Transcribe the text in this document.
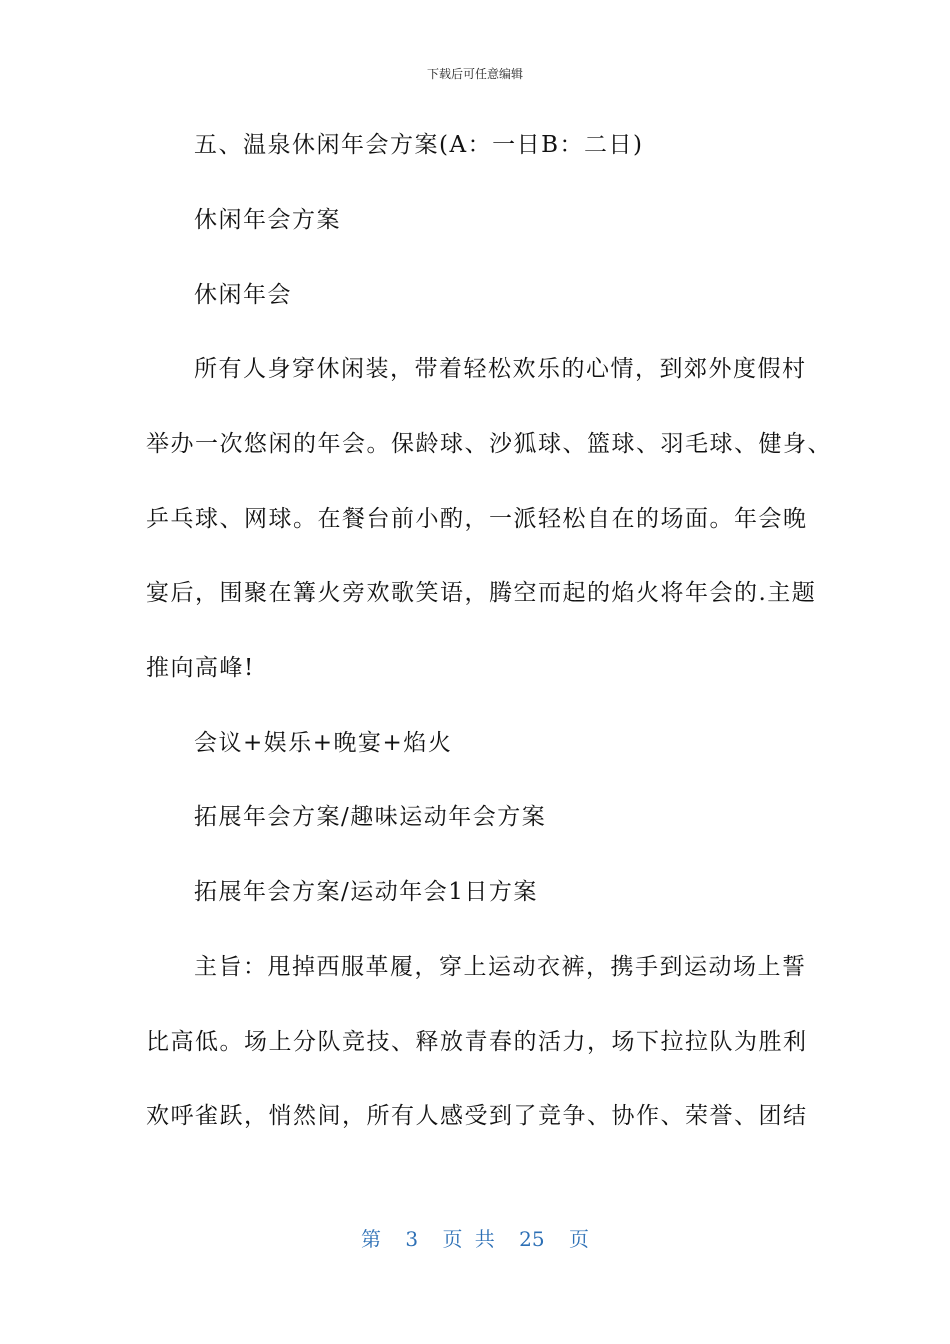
下载后可任意编辑
五、温泉休闲年会方案(A：一日B：二日)
休闲年会方案
休闲年会
所有人身穿休闲装，带着轻松欢乐的心情，到郊外度假村
举办一次悠闲的年会。保龄球、沙狐球、篮球、羽毛球、健身、
乒乓球、网球。在餐台前小酌，一派轻松自在的场面。年会晚
宴后，围聚在篝火旁欢歌笑语，腾空而起的焰火将年会的.主题
推向高峰!
会议+娱乐+晚宴+焰火
拓展年会方案/趣味运动年会方案
拓展年会方案/运动年会1日方案
主旨：甩掉西服革履，穿上运动衣裤，携手到运动场上誓
比高低。场上分队竞技、释放青春的活力，场下拉拉队为胜利
欢呼雀跃，悄然间，所有人感受到了竞争、协作、荣誉、团结
第 3 页 共 25 页
